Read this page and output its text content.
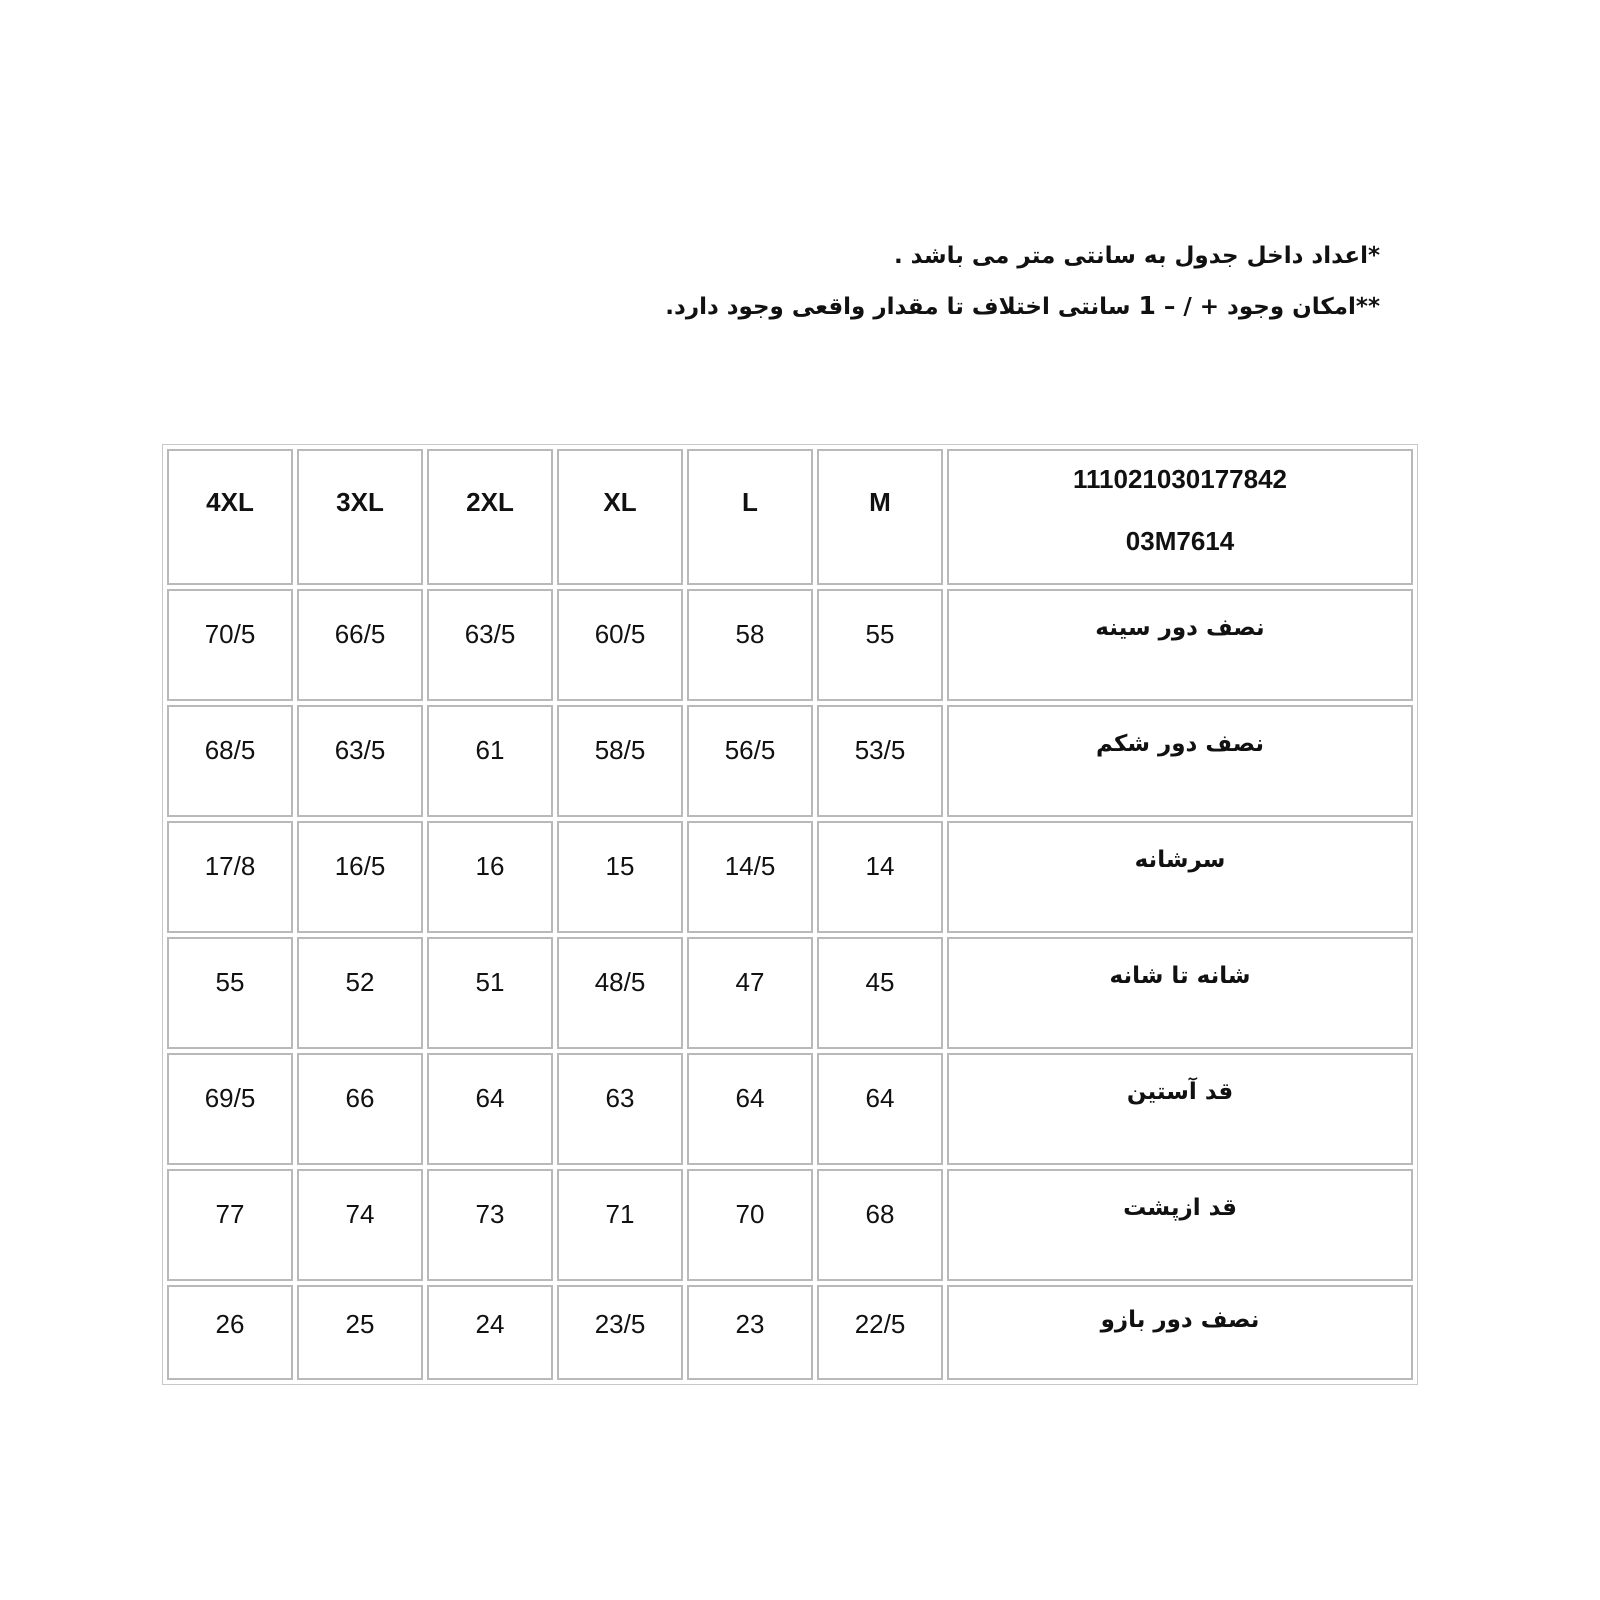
*اعداد داخل جدول به سانتی متر می باشد .
**امکان وجود + / – 1 سانتی اختلاف تا مقدار واقعی وجود دارد.
4XL	3XL	2XL	XL	L	M	111021030177842
03M7614

70/5	66/5	63/5	60/5	58	55	نصف دور سینه
68/5	63/5	61	58/5	56/5	53/5	نصف دور شکم
17/8	16/5	16	15	14/5	14	سرشانه
55	52	51	48/5	47	45	شانه تا شانه
69/5	66	64	63	64	64	قد آستین
77	74	73	71	70	68	قد ازپشت
26	25	24	23/5	23	22/5	نصف دور بازو
